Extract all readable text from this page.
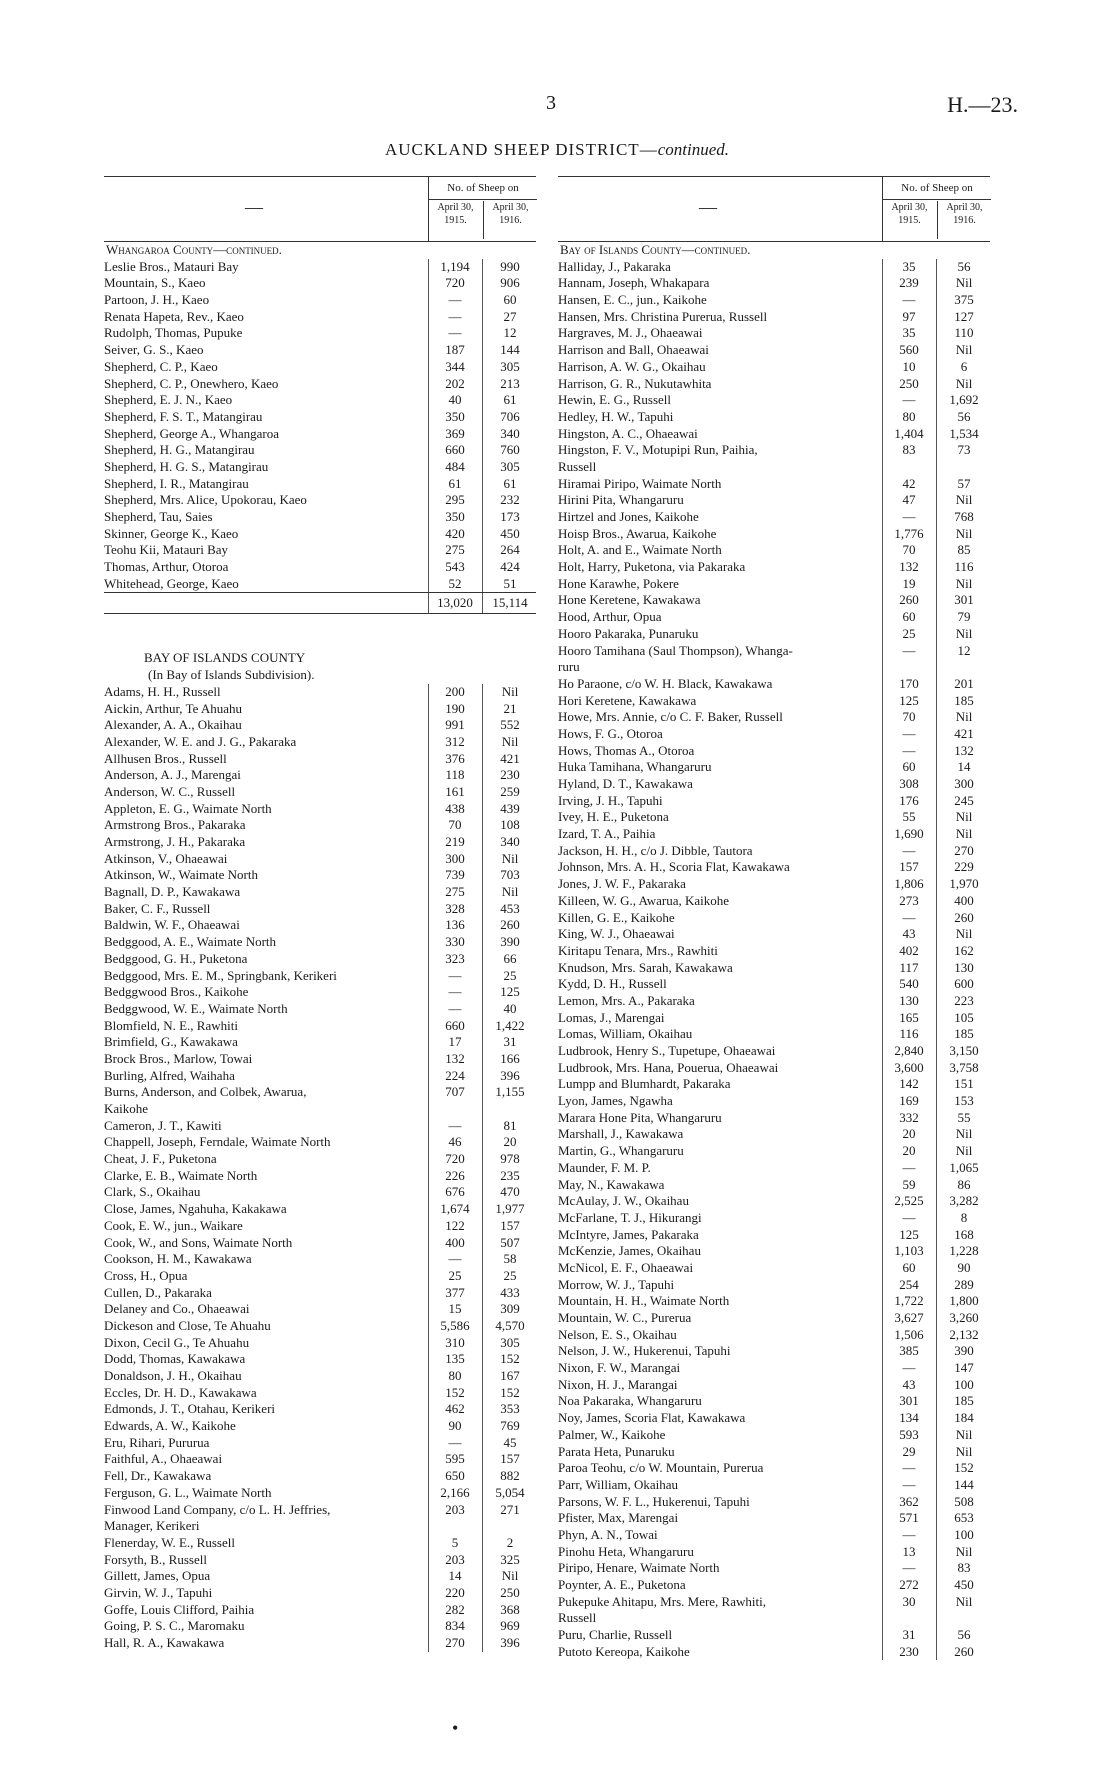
3	H.—23.
AUCKLAND SHEEP DISTRICT—continued.
—
No. of Sheep on
April 30, 1915.
April 30, 1916.
Whangaroa County—continued.
Leslie Bros., Matauri Bay	1,194	990
Mountain, S., Kaeo	720	906
Partoon, J. H., Kaeo	—	60
Renata Hapeta, Rev., Kaeo	—	27
Rudolph, Thomas, Pupuke	—	12
Seiver, G. S., Kaeo	187	144
Shepherd, C. P., Kaeo	344	305
Shepherd, C. P., Onewhero, Kaeo	202	213
Shepherd, E. J. N., Kaeo	40	61
Shepherd, F. S. T., Matangirau	350	706
Shepherd, George A., Whangaroa	369	340
Shepherd, H. G., Matangirau	660	760
Shepherd, H. G. S., Matangirau	484	305
Shepherd, I. R., Matangirau	61	61
Shepherd, Mrs. Alice, Upokorau, Kaeo	295	232
Shepherd, Tau, Saies	350	173
Skinner, George K., Kaeo	420	450
Teohu Kii, Matauri Bay	275	264
Thomas, Arthur, Otoroa	543	424
Whitehead, George, Kaeo	52	51
13,020	15,114
BAY OF ISLANDS COUNTY
(In Bay of Islands Subdivision).
Adams, H. H., Russell	200	Nil
Aickin, Arthur, Te Ahuahu	190	21
Alexander, A. A., Okaihau	991	552
Alexander, W. E. and J. G., Pakaraka	312	Nil
Allhusen Bros., Russell	376	421
Anderson, A. J., Marengai	118	230
Anderson, W. C., Russell	161	259
Appleton, E. G., Waimate North	438	439
Armstrong Bros., Pakaraka	70	108
Armstrong, J. H., Pakaraka	219	340
Atkinson, V., Ohaeawai	300	Nil
Atkinson, W., Waimate North	739	703
Bagnall, D. P., Kawakawa	275	Nil
Baker, C. F., Russell	328	453
Baldwin, W. F., Ohaeawai	136	260
Bedggood, A. E., Waimate North	330	390
Bedggood, G. H., Puketona	323	66
Bedggood, Mrs. E. M., Springbank, Kerikeri	—	25
Bedggwood Bros., Kaikohe	—	125
Bedggwood, W. E., Waimate North	—	40
Blomfield, N. E., Rawhiti	660	1,422
Brimfield, G., Kawakawa	17	31
Brock Bros., Marlow, Towai	132	166
Burling, Alfred, Waihaha	224	396
Burns, Anderson, and Colbek, Awarua,	707	1,155
Kaikohe
Cameron, J. T., Kawiti	—	81
Chappell, Joseph, Ferndale, Waimate North	46	20
Cheat, J. F., Puketona	720	978
Clarke, E. B., Waimate North	226	235
Clark, S., Okaihau	676	470
Close, James, Ngahuha, Kakakawa	1,674	1,977
Cook, E. W., jun., Waikare	122	157
Cook, W., and Sons, Waimate North	400	507
Cookson, H. M., Kawakawa	—	58
Cross, H., Opua	25	25
Cullen, D., Pakaraka	377	433
Delaney and Co., Ohaeawai	15	309
Dickeson and Close, Te Ahuahu	5,586	4,570
Dixon, Cecil G., Te Ahuahu	310	305
Dodd, Thomas, Kawakawa	135	152
Donaldson, J. H., Okaihau	80	167
Eccles, Dr. H. D., Kawakawa	152	152
Edmonds, J. T., Otahau, Kerikeri	462	353
Edwards, A. W., Kaikohe	90	769
Eru, Rihari, Pururua	—	45
Faithful, A., Ohaeawai	595	157
Fell, Dr., Kawakawa	650	882
Ferguson, G. L., Waimate North	2,166	5,054
Finwood Land Company, c/o L. H. Jeffries,	203	271
Manager, Kerikeri
Flenerday, W. E., Russell	5	2
Forsyth, B., Russell	203	325
Gillett, James, Opua	14	Nil
Girvin, W. J., Tapuhi	220	250
Goffe, Louis Clifford, Paihia	282	368
Going, P. S. C., Maromaku	834	969
Hall, R. A., Kawakawa	270	396
—
No. of Sheep on
April 30, 1915.
April 30, 1916.
Bay of Islands County—continued.
Halliday, J., Pakaraka	35	56
Hannam, Joseph, Whakapara	239	Nil
Hansen, E. C., jun., Kaikohe	—	375
Hansen, Mrs. Christina Purerua, Russell	97	127
Hargraves, M. J., Ohaeawai	35	110
Harrison and Ball, Ohaeawai	560	Nil
Harrison, A. W. G., Okaihau	10	6
Harrison, G. R., Nukutawhita	250	Nil
Hewin, E. G., Russell	—	1,692
Hedley, H. W., Tapuhi	80	56
Hingston, A. C., Ohaeawai	1,404	1,534
Hingston, F. V., Motupipi Run, Paihia,	83	73
Russell
Hiramai Piripo, Waimate North	42	57
Hirini Pita, Whangaruru	47	Nil
Hirtzel and Jones, Kaikohe	—	768
Hoisp Bros., Awarua, Kaikohe	1,776	Nil
Holt, A. and E., Waimate North	70	85
Holt, Harry, Puketona, via Pakaraka	132	116
Hone Karawhe, Pokere	19	Nil
Hone Keretene, Kawakawa	260	301
Hood, Arthur, Opua	60	79
Hooro Pakaraka, Punaruku	25	Nil
Hooro Tamihana (Saul Thompson), Whanga-	—	12
ruru
Ho Paraone, c/o W. H. Black, Kawakawa	170	201
Hori Keretene, Kawakawa	125	185
Howe, Mrs. Annie, c/o C. F. Baker, Russell	70	Nil
Hows, F. G., Otoroa	—	421
Hows, Thomas A., Otoroa	—	132
Huka Tamihana, Whangaruru	60	14
Hyland, D. T., Kawakawa	308	300
Irving, J. H., Tapuhi	176	245
Ivey, H. E., Puketona	55	Nil
Izard, T. A., Paihia	1,690	Nil
Jackson, H. H., c/o J. Dibble, Tautora	—	270
Johnson, Mrs. A. H., Scoria Flat, Kawakawa	157	229
Jones, J. W. F., Pakaraka	1,806	1,970
Killeen, W. G., Awarua, Kaikohe	273	400
Killen, G. E., Kaikohe	—	260
King, W. J., Ohaeawai	43	Nil
Kiritapu Tenara, Mrs., Rawhiti	402	162
Knudson, Mrs. Sarah, Kawakawa	117	130
Kydd, D. H., Russell	540	600
Lemon, Mrs. A., Pakaraka	130	223
Lomas, J., Marengai	165	105
Lomas, William, Okaihau	116	185
Ludbrook, Henry S., Tupetupe, Ohaeawai	2,840	3,150
Ludbrook, Mrs. Hana, Pouerua, Ohaeawai	3,600	3,758
Lumpp and Blumhardt, Pakaraka	142	151
Lyon, James, Ngawha	169	153
Marara Hone Pita, Whangaruru	332	55
Marshall, J., Kawakawa	20	Nil
Martin, G., Whangaruru	20	Nil
Maunder, F. M. P.	—	1,065
May, N., Kawakawa	59	86
McAulay, J. W., Okaihau	2,525	3,282
McFarlane, T. J., Hikurangi	—	8
McIntyre, James, Pakaraka	125	168
McKenzie, James, Okaihau	1,103	1,228
McNicol, E. F., Ohaeawai	60	90
Morrow, W. J., Tapuhi	254	289
Mountain, H. H., Waimate North	1,722	1,800
Mountain, W. C., Purerua	3,627	3,260
Nelson, E. S., Okaihau	1,506	2,132
Nelson, J. W., Hukerenui, Tapuhi	385	390
Nixon, F. W., Marangai	—	147
Nixon, H. J., Marangai	43	100
Noa Pakaraka, Whangaruru	301	185
Noy, James, Scoria Flat, Kawakawa	134	184
Palmer, W., Kaikohe	593	Nil
Parata Heta, Punaruku	29	Nil
Paroa Teohu, c/o W. Mountain, Purerua	—	152
Parr, William, Okaihau	—	144
Parsons, W. F. L., Hukerenui, Tapuhi	362	508
Pfister, Max, Marengai	571	653
Phyn, A. N., Towai	—	100
Pinohu Heta, Whangaruru	13	Nil
Piripo, Henare, Waimate North	—	83
Poynter, A. E., Puketona	272	450
Pukepuke Ahitapu, Mrs. Mere, Rawhiti,	30	Nil
Russell
Puru, Charlie, Russell	31	56
Putoto Kereopa, Kaikohe	230	260
•
